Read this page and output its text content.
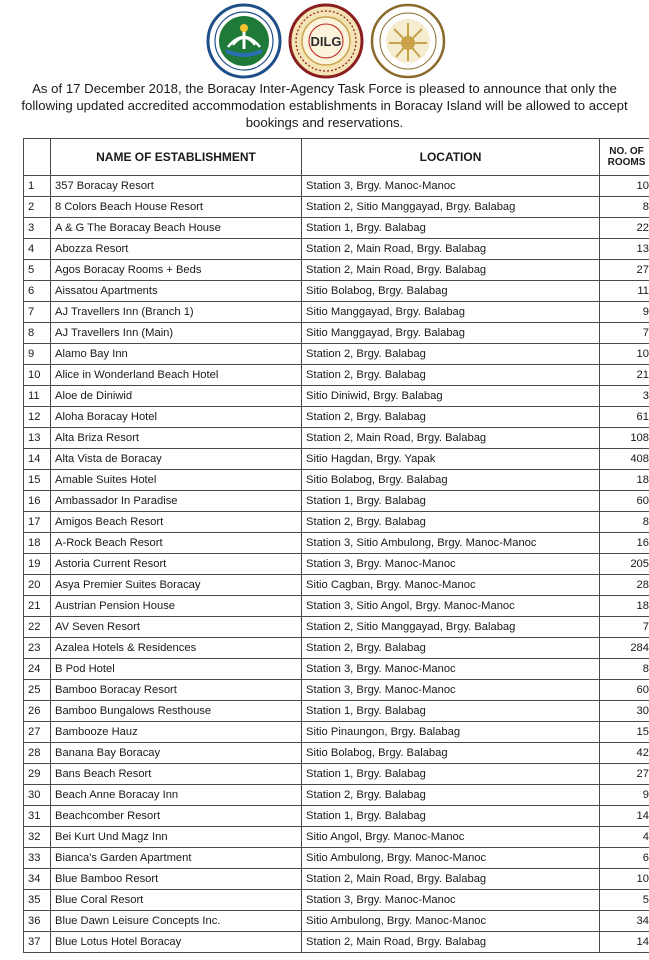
DILG
As of 17 December 2018, the Boracay Inter-Agency Task Force is pleased to announce that only the following updated accredited accommodation establishments in Boracay Island will be allowed to accept bookings and reservations.
	NAME OF ESTABLISHMENT	LOCATION	NO. OF ROOMS

1	357 Boracay Resort	Station 3, Brgy. Manoc-Manoc	10
2	8 Colors Beach House Resort	Station 2, Sitio Manggayad, Brgy. Balabag	8
3	A & G The Boracay Beach House	Station 1, Brgy. Balabag	22
4	Abozza Resort	Station 2, Main Road, Brgy. Balabag	13
5	Agos Boracay Rooms + Beds	Station 2, Main Road, Brgy. Balabag	27
6	Aissatou Apartments	Sitio Bolabog, Brgy. Balabag	11
7	AJ Travellers Inn (Branch 1)	Sitio Manggayad, Brgy. Balabag	9
8	AJ Travellers Inn (Main)	Sitio Manggayad, Brgy. Balabag	7
9	Alamo Bay Inn	Station 2, Brgy. Balabag	10
10	Alice in Wonderland Beach Hotel	Station 2, Brgy. Balabag	21
11	Aloe de Diniwid	Sitio Diniwid, Brgy. Balabag	3
12	Aloha Boracay Hotel	Station 2, Brgy. Balabag	61
13	Alta Briza Resort	Station 2, Main Road, Brgy. Balabag	108
14	Alta Vista de Boracay	Sitio Hagdan, Brgy. Yapak	408
15	Amable Suites Hotel	Sitio Bolabog, Brgy. Balabag	18
16	Ambassador In Paradise	Station 1, Brgy. Balabag	60
17	Amigos Beach Resort	Station 2, Brgy. Balabag	8
18	A-Rock Beach Resort	Station 3, Sitio Ambulong, Brgy. Manoc-Manoc	16
19	Astoria Current Resort	Station 3, Brgy. Manoc-Manoc	205
20	Asya Premier Suites Boracay	Sitio Cagban, Brgy. Manoc-Manoc	28
21	Austrian Pension House	Station 3, Sitio Angol, Brgy. Manoc-Manoc	18
22	AV Seven Resort	Station 2, Sitio Manggayad, Brgy. Balabag	7
23	Azalea Hotels & Residences	Station 2, Brgy. Balabag	284
24	B Pod Hotel	Station 3, Brgy. Manoc-Manoc	8
25	Bamboo Boracay Resort	Station 3, Brgy. Manoc-Manoc	60
26	Bamboo Bungalows Resthouse	Station 1, Brgy. Balabag	30
27	Bambooze Hauz	Sitio Pinaungon, Brgy. Balabag	15
28	Banana Bay Boracay	Sitio Bolabog, Brgy. Balabag	42
29	Bans Beach Resort	Station 1, Brgy. Balabag	27
30	Beach Anne Boracay Inn	Station 2, Brgy. Balabag	9
31	Beachcomber Resort	Station 1, Brgy. Balabag	14
32	Bei Kurt Und Magz Inn	Sitio Angol, Brgy. Manoc-Manoc	4
33	Bianca's Garden Apartment	Sitio Ambulong, Brgy. Manoc-Manoc	6
34	Blue Bamboo Resort	Station 2, Main Road, Brgy. Balabag	10
35	Blue Coral Resort	Station 3, Brgy. Manoc-Manoc	5
36	Blue Dawn Leisure Concepts Inc.	Sitio Ambulong, Brgy. Manoc-Manoc	34
37	Blue Lotus Hotel Boracay	Station 2, Main Road, Brgy. Balabag	14
